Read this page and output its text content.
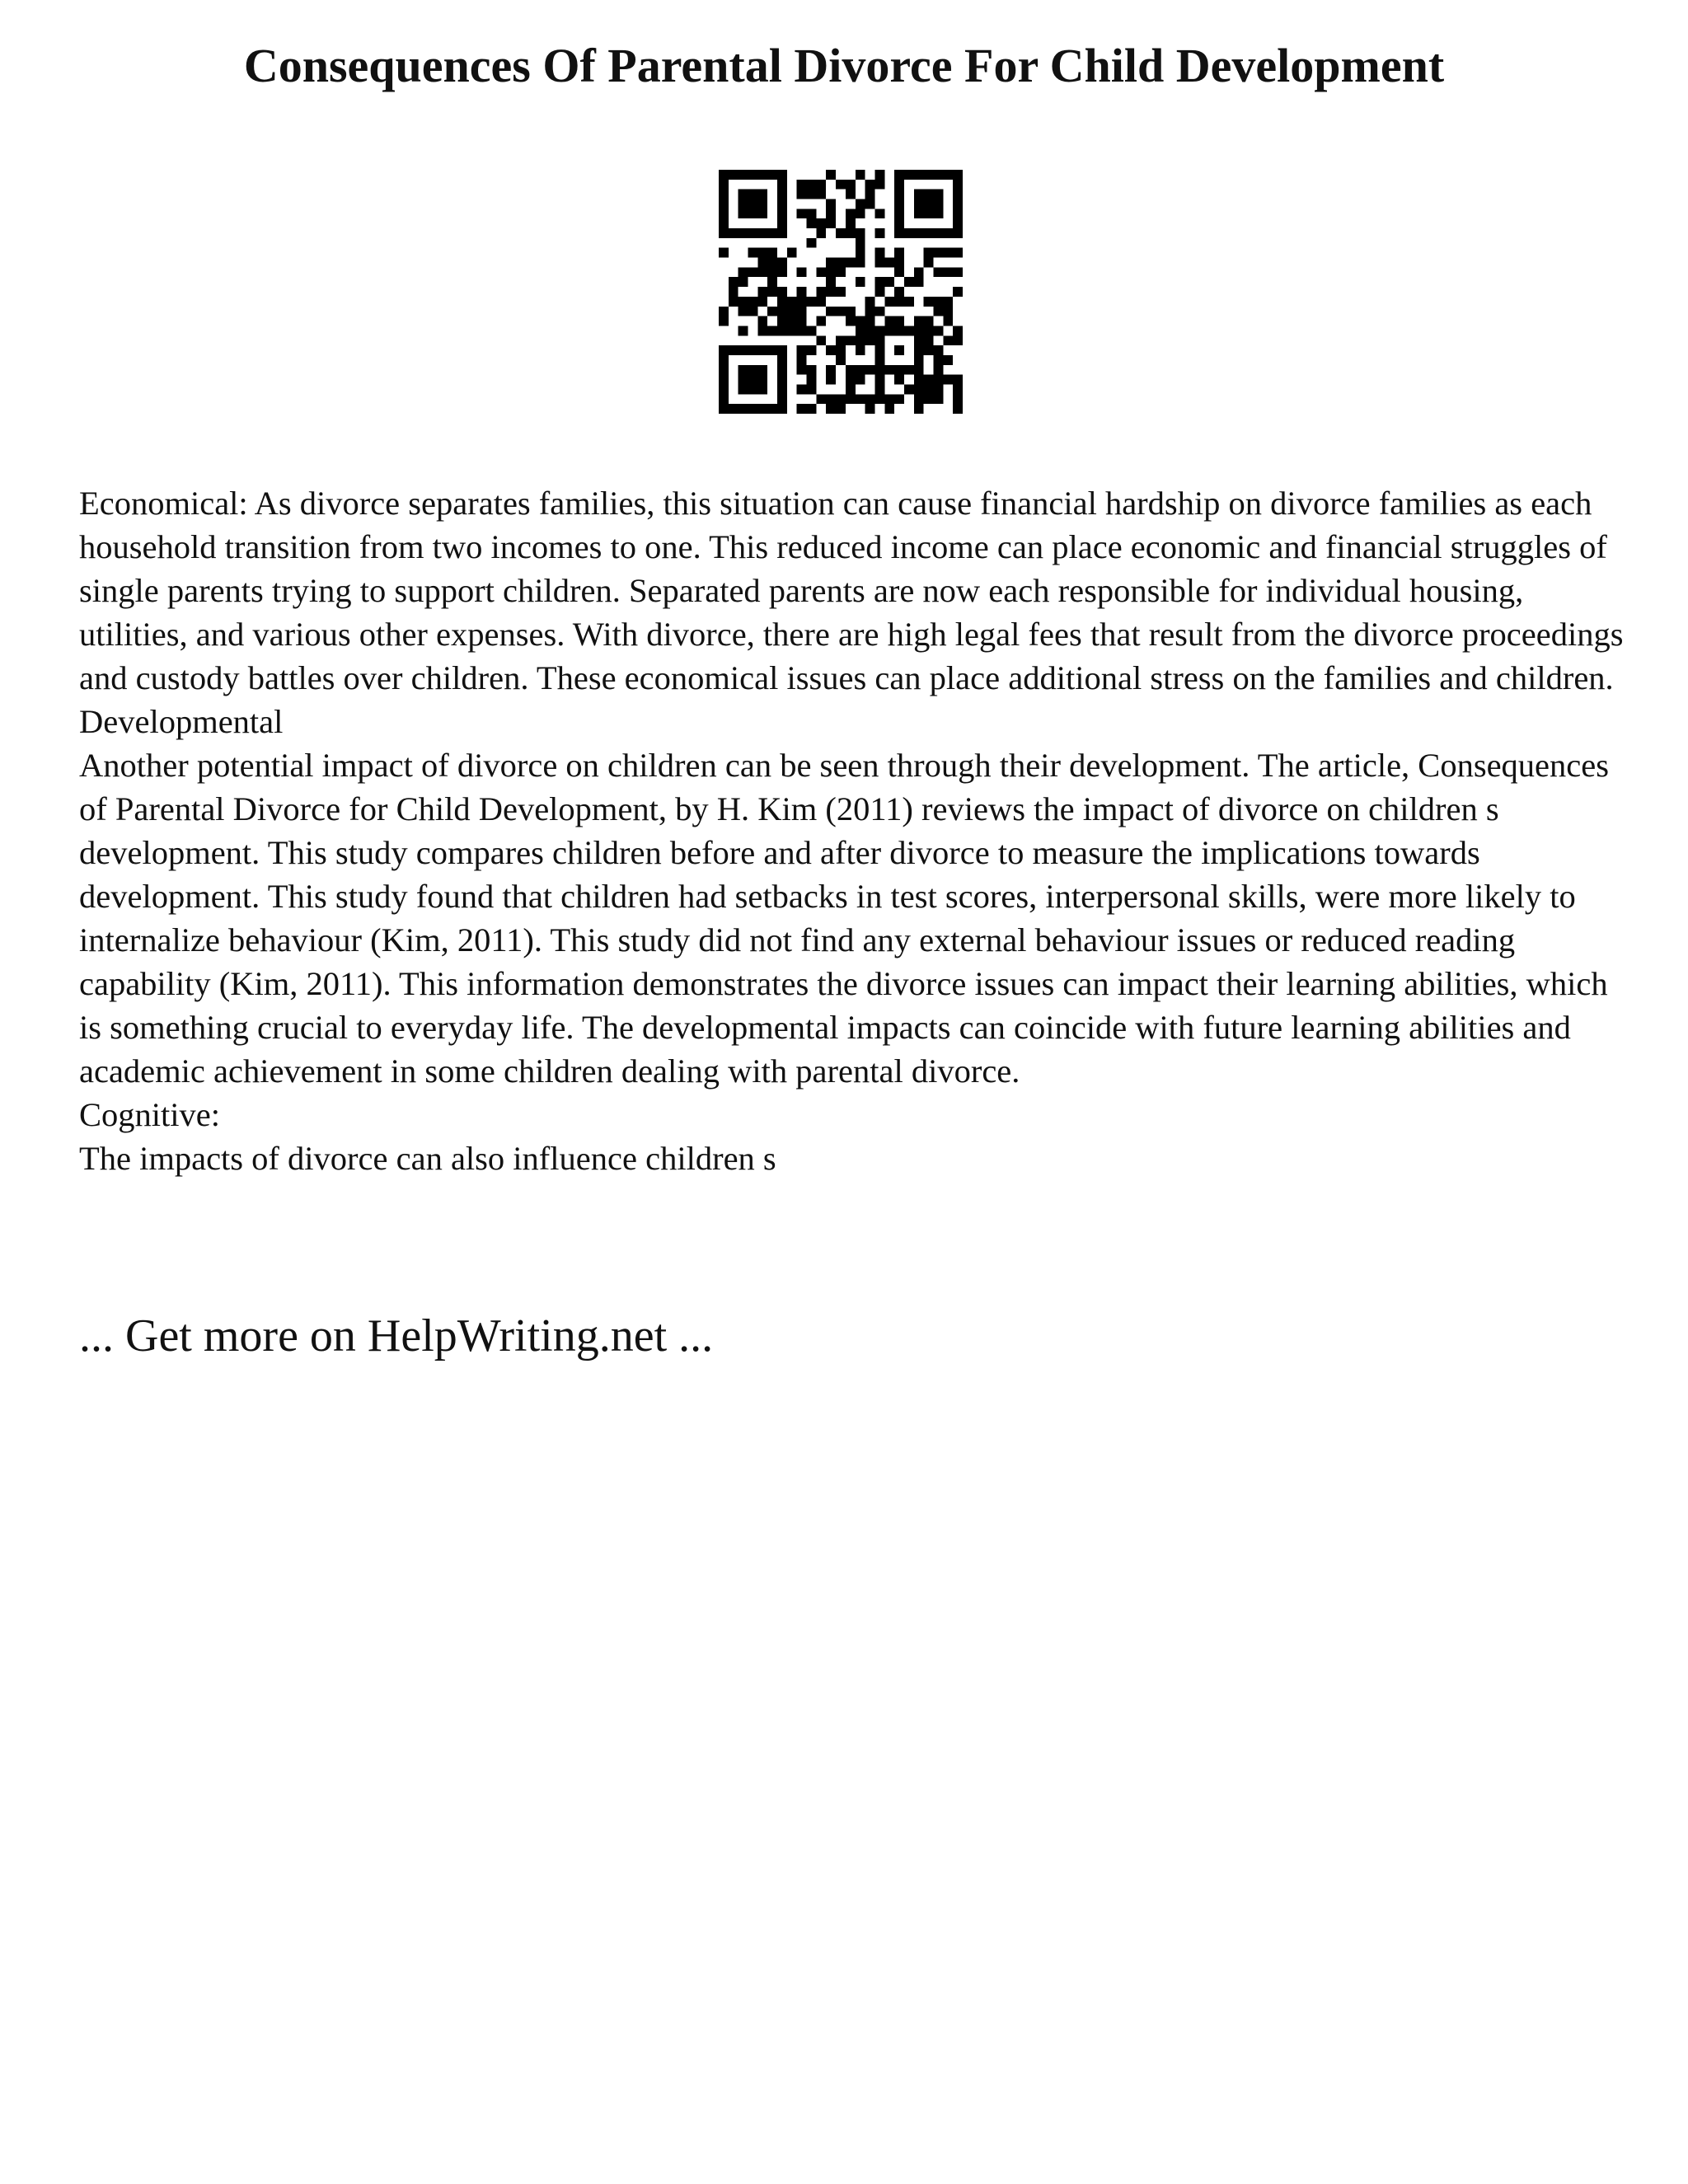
Consequences Of Parental Divorce For Child Development

Economical: As divorce separates families, this situation can cause financial hardship on divorce families as each household transition from two incomes to one. This reduced income can place economic and financial struggles of single parents trying to support children. Separated parents are now each responsible for individual housing, utilities, and various other expenses. With divorce, there are high legal fees that result from the divorce proceedings and custody battles over children. These economical issues can place additional stress on the families and children.

Developmental

Another potential impact of divorce on children can be seen through their development. The article, Consequences of Parental Divorce for Child Development, by H. Kim (2011) reviews the impact of divorce on children s development. This study compares children before and after divorce to measure the implications towards development. This study found that children had setbacks in test scores, interpersonal skills, were more likely to internalize behaviour (Kim, 2011). This study did not find any external behaviour issues or reduced reading capability (Kim, 2011). This information demonstrates the divorce issues can impact their learning abilities, which is something crucial to everyday life. The developmental impacts can coincide with future learning abilities and academic achievement in some children dealing with parental divorce.

Cognitive:

The impacts of divorce can also influence children s

... Get more on HelpWriting.net ...
